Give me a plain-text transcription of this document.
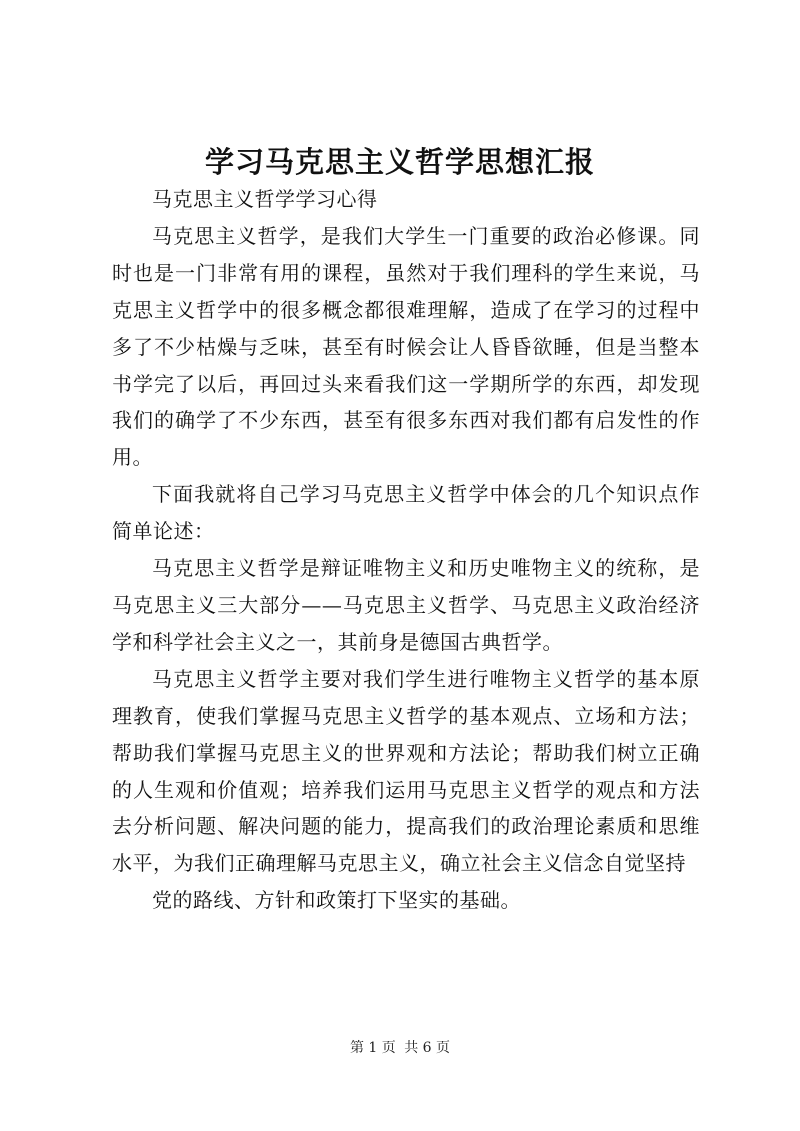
学习马克思主义哲学思想汇报

马克思主义哲学学习心得

马克思主义哲学，是我们大学生一门重要的政治必修课。同时也是一门非常有用的课程，虽然对于我们理科的学生来说，马克思主义哲学中的很多概念都很难理解，造成了在学习的过程中多了不少枯燥与乏味，甚至有时候会让人昏昏欲睡，但是当整本书学完了以后，再回过头来看我们这一学期所学的东西，却发现我们的确学了不少东西，甚至有很多东西对我们都有启发性的作用。

下面我就将自己学习马克思主义哲学中体会的几个知识点作简单论述：

马克思主义哲学是辩证唯物主义和历史唯物主义的统称，是马克思主义三大部分——马克思主义哲学、马克思主义政治经济学和科学社会主义之一，其前身是德国古典哲学。

马克思主义哲学主要对我们学生进行唯物主义哲学的基本原理教育，使我们掌握马克思主义哲学的基本观点、立场和方法；帮助我们掌握马克思主义的世界观和方法论；帮助我们树立正确的人生观和价值观；培养我们运用马克思主义哲学的观点和方法去分析问题、解决问题的能力，提高我们的政治理论素质和思维水平，为我们正确理解马克思主义，确立社会主义信念自觉坚持

党的路线、方针和政策打下坚实的基础。

第 1 页 共 6 页
